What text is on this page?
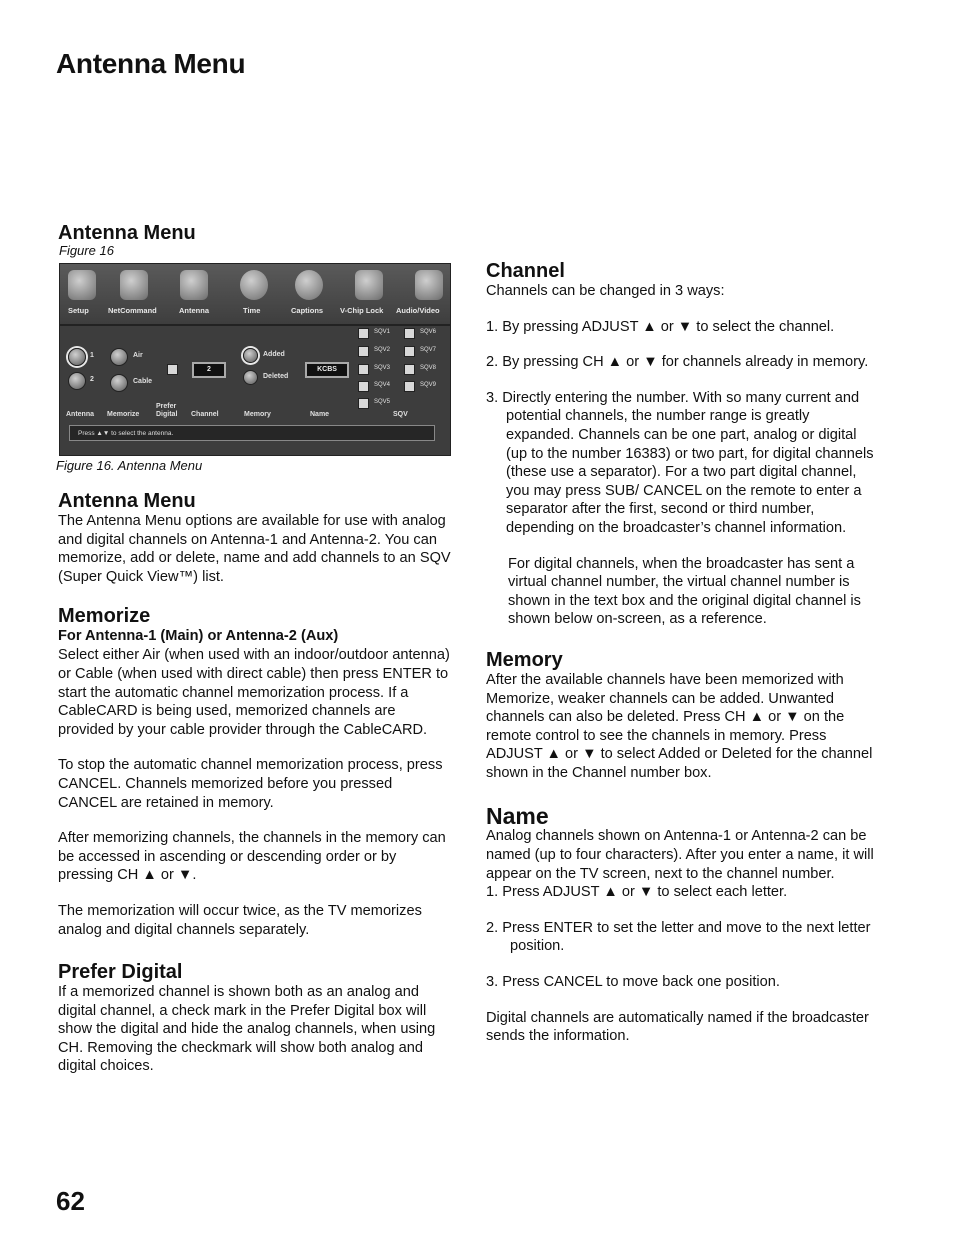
Antenna Menu
Antenna Menu
Figure 16
Setup	NetCommand	Antenna	Time	Captions V-Chip Lock Audio/Video
1
2
Air
Cable
2
Added
Deleted
KCBS
SQV1
SQV2
SQV3
SQV4
SQV5
SQV6
SQV7
SQV8
SQV9
Antenna Memorize
Prefer Digital	Channel	Memory	Name	SQV
Press ▲▼ to select the antenna.
Figure 16. Antenna Menu
Antenna Menu

The Antenna Menu options are available for use with analog and digital channels on Antenna-1 and Antenna-2. You can memorize, add or delete, name and add channels to an SQV (Super Quick View™) list.

Memorize
For Antenna-1 (Main) or Antenna-2 (Aux)

Select either Air (when used with an indoor/outdoor antenna) or Cable (when used with direct cable) then press ENTER to start the automatic channel memorization process. If a CableCARD is being used, memorized channels are provided by your cable provider through the CableCARD.

To stop the automatic channel memorization process, press CANCEL. Channels memorized before you pressed CANCEL are retained in memory.

After memorizing channels, the channels in the memory can be accessed in ascending or descending order or by pressing CH ▲ or ▼.

The memorization will occur twice, as the TV memorizes analog and digital channels separately.

Prefer Digital

If a memorized channel is shown both as an analog and digital channel, a check mark in the Prefer Digital box will show the digital and hide the analog channels, when using CH. Removing the checkmark will show both analog and digital choices.

Channel

Channels can be changed in 3 ways:

1. By pressing ADJUST ▲ or ▼ to select the channel.

2. By pressing CH ▲ or ▼ for channels already in memory.

3. Directly entering the number. With so many current and potential channels, the number range is greatly expanded. Channels can be one part, analog or digital (up to the number 16383) or two part, for digital channels (these use a separator). For a two part digital channel, you may press SUB/ CANCEL on the remote to enter a separator after the first, second or third number, depending on the broadcaster’s channel information.

For digital channels, when the broadcaster has sent a virtual channel number, the virtual channel number is shown in the text box and the original digital channel is shown below on-screen, as a reference.

Memory

After the available channels have been memorized with Memorize, weaker channels can be added. Unwanted channels can also be deleted. Press CH ▲ or ▼ on the remote control to see the channels in memory. Press ADJUST ▲ or ▼ to select Added or Deleted for the channel shown in the Channel number box.

Name

Analog channels shown on Antenna-1 or Antenna-2 can be named (up to four characters). After you enter a name, it will appear on the TV screen, next to the channel number.

1. Press ADJUST ▲ or ▼ to select each letter.

2. Press ENTER to set the letter and move to the next letter position.

3. Press CANCEL to move back one position.

Digital channels are automatically named if the broadcaster sends the information.

62
